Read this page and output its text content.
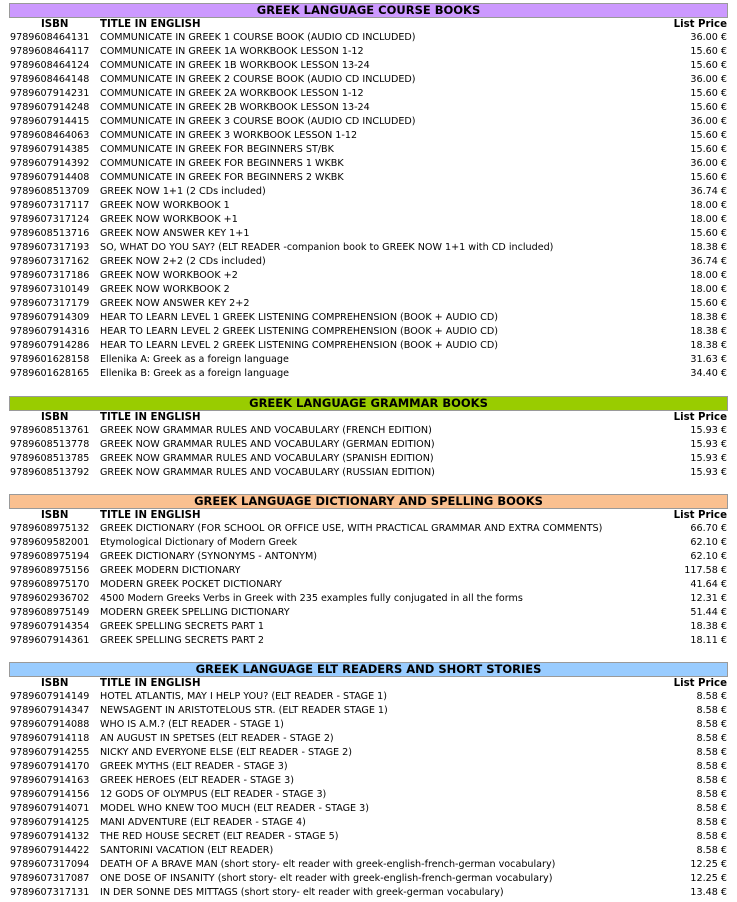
GREEK LANGUAGE COURSE BOOKS
ISBN	TITLE IN ENGLISH	List Price
9789608464131 COMMUNICATE IN GREEK 1 COURSE BOOK (AUDIO CD INCLUDED)	36.00 €
9789608464117 COMMUNICATE IN GREEK 1A WORKBOOK LESSON 1-12	15.60 €
9789608464124 COMMUNICATE IN GREEK 1B WORKBOOK LESSON 13-24	15.60 €
9789608464148 COMMUNICATE IN GREEK 2 COURSE BOOK (AUDIO CD INCLUDED)	36.00 €
9789607914231 COMMUNICATE IN GREEK 2A WORKBOOK LESSON 1-12	15.60 €
9789607914248 COMMUNICATE IN GREEK 2B WORKBOOK LESSON 13-24	15.60 €
9789607914415 COMMUNICATE IN GREEK 3 COURSE BOOK (AUDIO CD INCLUDED)	36.00 €
9789608464063 COMMUNICATE IN GREEK 3 WORKBOOK LESSON 1-12	15.60 €
9789607914385 COMMUNICATE IN GREEK FOR BEGINNERS ST/BK	15.60 €
9789607914392 COMMUNICATE IN GREEK FOR BEGINNERS 1 WKBK	36.00 €
9789607914408 COMMUNICATE IN GREEK FOR BEGINNERS 2 WKBK	15.60 €
9789608513709 GREEK NOW 1+1 (2 CDs included)	36.74 €
9789607317117 GREEK NOW WORKBOOK 1	18.00 €
9789607317124 GREEK NOW WORKBOOK +1	18.00 €
9789608513716 GREEK NOW ANSWER KEY 1+1	15.60 €
9789607317193 SO, WHAT DO YOU SAY? (ELT READER -companion book to GREEK NOW 1+1 with CD included)	18.38 €
9789607317162 GREEK NOW 2+2 (2 CDs included)	36.74 €
9789607317186 GREEK NOW WORKBOOK +2	18.00 €
9789607310149 GREEK NOW WORKBOOK 2	18.00 €
9789607317179 GREEK NOW ANSWER KEY 2+2	15.60 €
9789607914309 HEAR TO LEARN LEVEL 1 GREEK LISTENING COMPREHENSION (BOOK + AUDIO CD)	18.38 €
9789607914316 HEAR TO LEARN LEVEL 2 GREEK LISTENING COMPREHENSION (BOOK + AUDIO CD)	18.38 €
9789607914286 HEAR TO LEARN LEVEL 2 GREEK LISTENING COMPREHENSION (BOOK + AUDIO CD)	18.38 €
9789601628158 Ellenika A: Greek as a foreign language	31.63 €
9789601628165 Ellenika B: Greek as a foreign language	34.40 €
GREEK LANGUAGE GRAMMAR BOOKS
ISBN	TITLE IN ENGLISH	List Price
9789608513761 GREEK NOW GRAMMAR RULES AND VOCABULARY (FRENCH EDITION)	15.93 €
9789608513778 GREEK NOW GRAMMAR RULES AND VOCABULARY (GERMAN EDITION)	15.93 €
9789608513785 GREEK NOW GRAMMAR RULES AND VOCABULARY (SPANISH EDITION)	15.93 €
9789608513792 GREEK NOW GRAMMAR RULES AND VOCABULARY (RUSSIAN EDITION)	15.93 €
GREEK LANGUAGE DICTIONARY AND SPELLING BOOKS
ISBN	TITLE IN ENGLISH	List Price
9789608975132 GREEK DICTIONARY (FOR SCHOOL OR OFFICE USE, WITH PRACTICAL GRAMMAR AND EXTRA COMMENTS)	66.70 €
9789609582001 Etymological Dictionary of Modern Greek	62.10 €
9789608975194 GREEK DICTIONARY (SYNONYMS - ANTONYM)	62.10 €
9789608975156 GREEK MODERN DICTIONARY	117.58 €
9789608975170 MODERN GREEK POCKET DICTIONARY	41.64 €
9789602936702 4500 Modern Greeks Verbs in Greek with 235 examples fully conjugated in all the forms	12.31 €
9789608975149 MODERN GREEK SPELLING DICTIONARY	51.44 €
9789607914354 GREEK SPELLING SECRETS PART 1	18.38 €
9789607914361 GREEK SPELLING SECRETS PART 2	18.11 €
GREEK LANGUAGE ELT READERS AND SHORT STORIES
ISBN	TITLE IN ENGLISH	List Price
9789607914149 HOTEL ATLANTIS, MAY I HELP YOU? (ELT READER - STAGE 1)	8.58 €
9789607914347 NEWSAGENT IN ARISTOTELOUS STR. (ELT READER STAGE 1)	8.58 €
9789607914088 WHO IS A.M.? (ELT READER - STAGE 1)	8.58 €
9789607914118 AN AUGUST IN SPETSES (ELT READER - STAGE 2)	8.58 €
9789607914255 NICKY AND EVERYONE ELSE (ELT READER - STAGE 2)	8.58 €
9789607914170 GREEK MYTHS (ELT READER - STAGE 3)	8.58 €
9789607914163 GREEK HEROES (ELT READER - STAGE 3)	8.58 €
9789607914156 12 GODS OF OLYMPUS (ELT READER - STAGE 3)	8.58 €
9789607914071 MODEL WHO KNEW TOO MUCH (ELT READER - STAGE 3)	8.58 €
9789607914125 MANI ADVENTURE (ELT READER - STAGE 4)	8.58 €
9789607914132 THE RED HOUSE SECRET (ELT READER - STAGE 5)	8.58 €
9789607914422 SANTORINI VACATION (ELT READER)	8.58 €
9789607317094 DEATH OF A BRAVE MAN (short story- elt reader with greek-english-french-german vocabulary)	12.25 €
9789607317087 ONE DOSE OF INSANITY (short story- elt reader with greek-english-french-german vocabulary)	12.25 €
9789607317131 IN DER SONNE DES MITTAGS (short story- elt reader with greek-german vocabulary)	13.48 €
